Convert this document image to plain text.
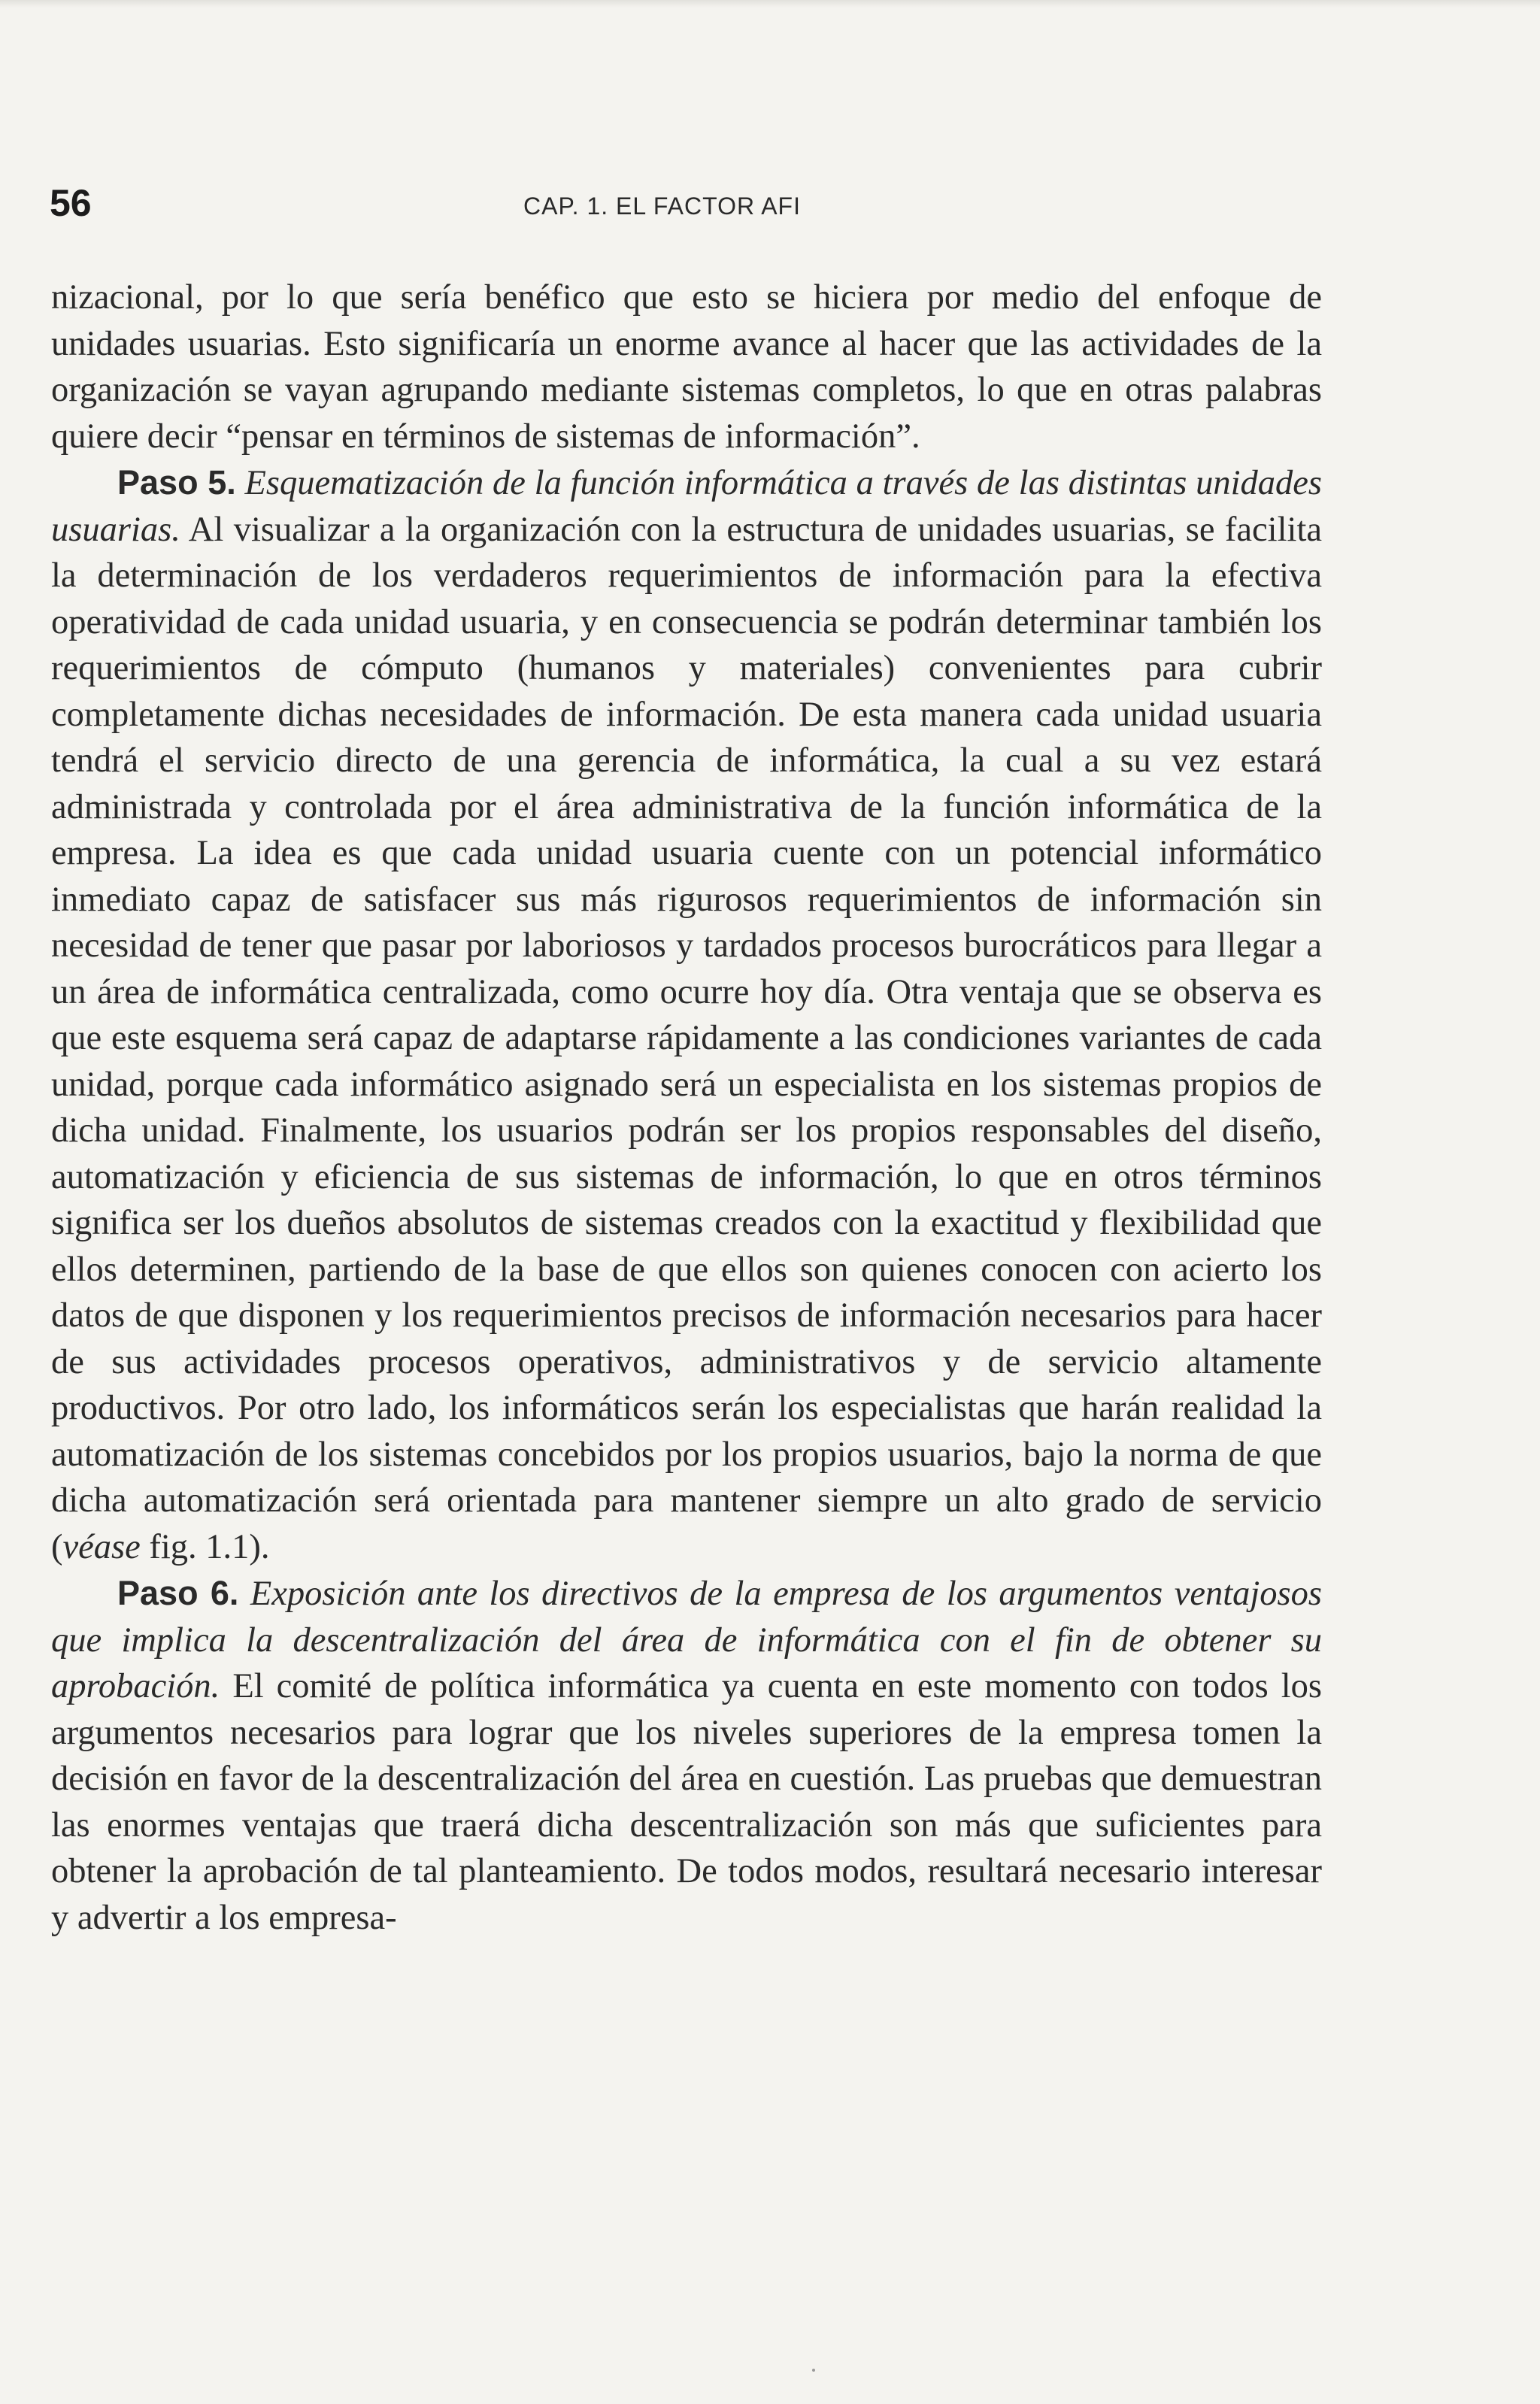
56	CAP. 1. EL FACTOR AFI

nizacional, por lo que sería benéfico que esto se hiciera por medio del enfoque de unidades usuarias. Esto significaría un enorme avance al hacer que las actividades de la organización se vayan agrupando mediante sistemas completos, lo que en otras palabras quiere decir “pensar en términos de sistemas de información”.

Paso 5. Esquematización de la función informática a través de las distintas unidades usuarias. Al visualizar a la organización con la estructura de unidades usuarias, se facilita la determinación de los verdaderos requerimientos de información para la efectiva operatividad de cada unidad usuaria, y en consecuencia se podrán determinar también los requerimientos de cómputo (humanos y materiales) convenientes para cubrir completamente dichas necesidades de información. De esta manera cada unidad usuaria tendrá el servicio directo de una gerencia de informática, la cual a su vez estará administrada y controlada por el área administrativa de la función informática de la empresa. La idea es que cada unidad usuaria cuente con un potencial informático inmediato capaz de satisfacer sus más rigurosos requerimientos de información sin necesidad de tener que pasar por laboriosos y tardados procesos burocráticos para llegar a un área de informática centralizada, como ocurre hoy día. Otra ventaja que se observa es que este esquema será capaz de adaptarse rápidamente a las condiciones variantes de cada unidad, porque cada informático asignado será un especialista en los sistemas propios de dicha unidad. Finalmente, los usuarios podrán ser los propios responsables del diseño, automatización y eficiencia de sus sistemas de información, lo que en otros términos significa ser los dueños absolutos de sistemas creados con la exactitud y flexibilidad que ellos determinen, partiendo de la base de que ellos son quienes conocen con acierto los datos de que disponen y los requerimientos precisos de información necesarios para hacer de sus actividades procesos operativos, administrativos y de servicio altamente productivos. Por otro lado, los informáticos serán los especialistas que harán realidad la automatización de los sistemas concebidos por los propios usuarios, bajo la norma de que dicha automatización será orientada para mantener siempre un alto grado de servicio (véase fig. 1.1).

Paso 6. Exposición ante los directivos de la empresa de los argumentos ventajosos que implica la descentralización del área de informática con el fin de obtener su aprobación. El comité de política informática ya cuenta en este momento con todos los argumentos necesarios para lograr que los niveles superiores de la empresa tomen la decisión en favor de la descentralización del área en cuestión. Las pruebas que demuestran las enormes ventajas que traerá dicha descentralización son más que suficientes para obtener la aprobación de tal planteamiento. De todos modos, resultará necesario interesar y advertir a los empresa-
